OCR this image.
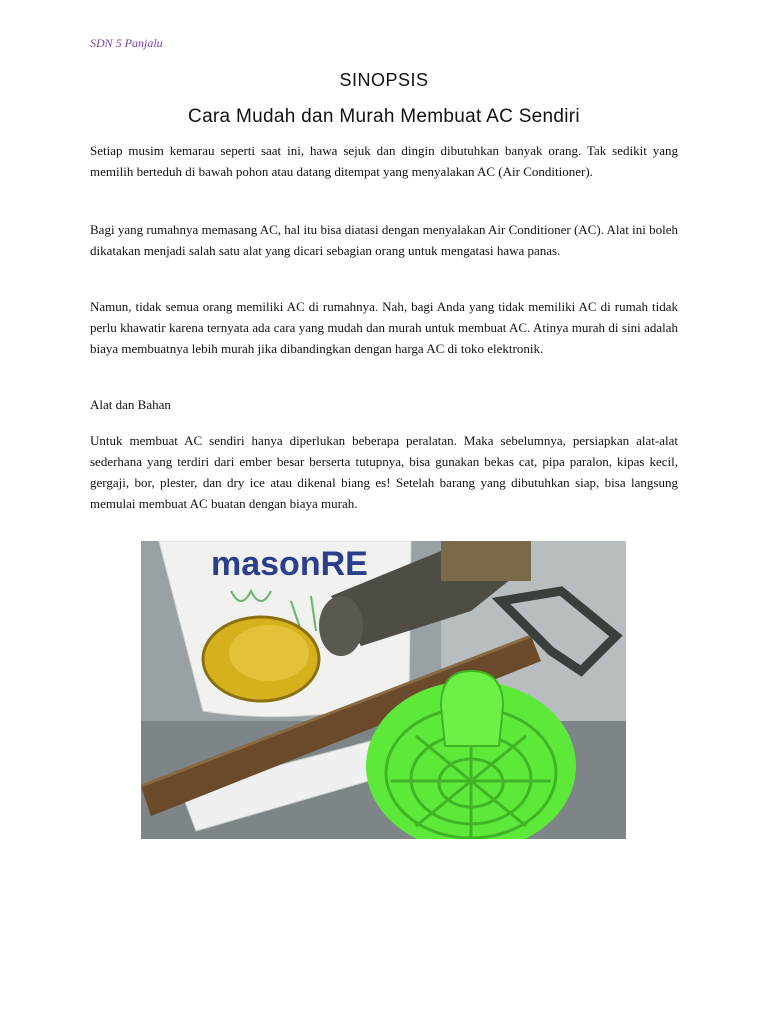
SDN 5 Panjalu
SINOPSIS
Cara Mudah dan Murah Membuat AC Sendiri

Setiap musim kemarau seperti saat ini, hawa sejuk dan dingin dibutuhkan banyak orang. Tak sedikit yang memilih berteduh di bawah pohon atau datang ditempat yang menyalakan AC (Air Conditioner).

Bagi yang rumahnya memasang AC, hal itu bisa diatasi dengan menyalakan Air Conditioner (AC). Alat ini boleh dikatakan menjadi salah satu alat yang dicari sebagian orang untuk mengatasi hawa panas.

Namun, tidak semua orang memiliki AC di rumahnya. Nah, bagi Anda yang tidak memiliki AC di rumah tidak perlu khawatir karena ternyata ada cara yang mudah dan murah untuk membuat AC. Atinya murah di sini adalah biaya membuatnya lebih murah jika dibandingkan dengan harga AC di toko elektronik.

Alat dan Bahan

Untuk membuat AC sendiri hanya diperlukan beberapa peralatan. Maka sebelumnya, persiapkan alat-alat sederhana yang terdiri dari ember besar berserta tutupnya, bisa gunakan bekas cat, pipa paralon, kipas kecil, gergaji, bor, plester, dan dry ice atau dikenal biang es! Setelah barang yang dibutuhkan siap, bisa langsung memulai membuat AC buatan dengan biaya murah.

masonRE
